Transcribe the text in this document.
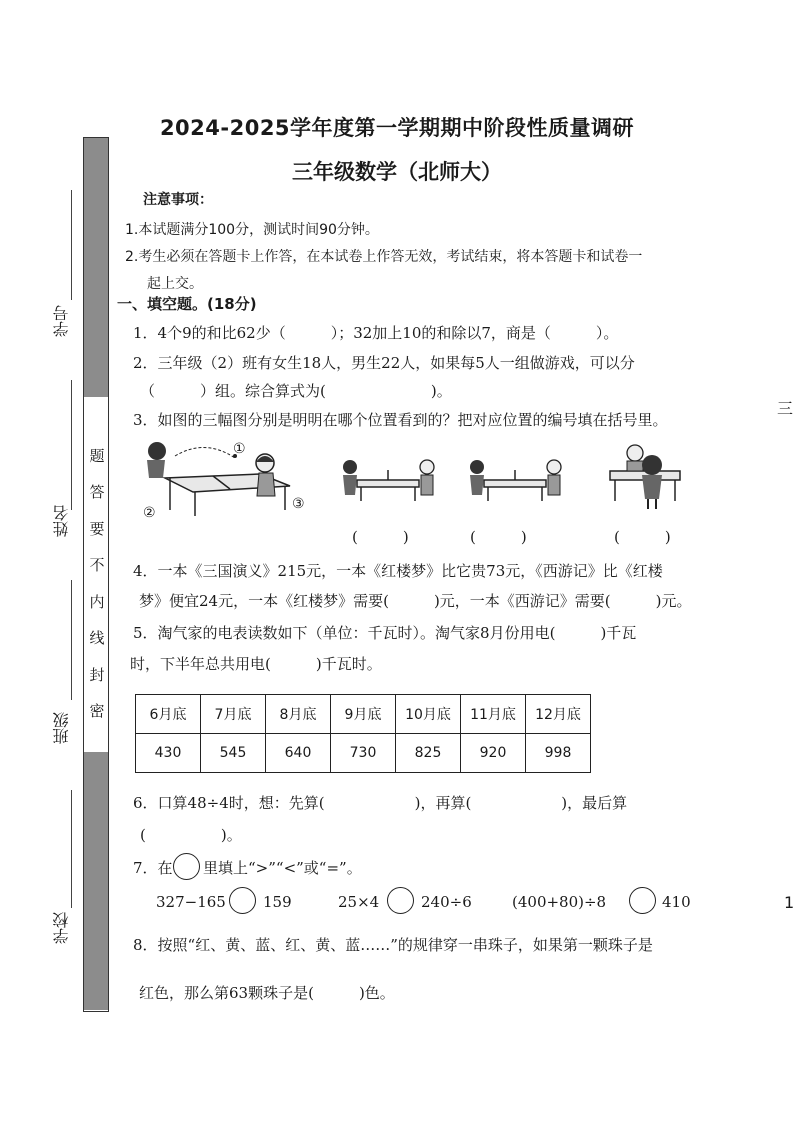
题
答
要
不
内
线
封
密
学号
姓名
班级
学校
2024-2025学年度第一学期期中阶段性质量调研
三年级数学（北师大）
注意事项：
1.本试题满分100分，测试时间90分钟。
2.考生必须在答题卡上作答，在本试卷上作答无效，考试结束，将本答题卡和试卷一
起上交。
一、填空题。(18分)
1．4个9的和比62少（　　　）；32加上10的和除以7，商是（　　　）。
2．三年级（2）班有女生18人，男生22人，如果每5人一组做游戏，可以分
（　　　）组。综合算式为(　　　　　　　)。
3．如图的三幅图分别是明明在哪个位置看到的？把对应位置的编号填在括号里。
①
②
③
(　　　)	(　　　)	(　　　)
4．一本《三国演义》215元，一本《红楼梦》比它贵73元，《西游记》比《红楼
梦》便宜24元，一本《红楼梦》需要(　　　)元，一本《西游记》需要(　　　)元。
5．淘气家的电表读数如下（单位：千瓦时）。淘气家8月份用电(　　　)千瓦
时，下半年总共用电(　　　)千瓦时。
6月底	7月底	8月底	9月底	10月底	11月底	12月底
430	545	640	730	825	920	998
6．口算48÷4时，想：先算(　　　　　　)，再算(　　　　　　)，最后算
(　　　　　)。
7．在 里填上“>”“<”或“=”。
327−165 159	25×4	240÷6	(400+80)÷8	410
8．按照“红、黄、蓝、红、黄、蓝……”的规律穿一串珠子，如果第一颗珠子是
红色，那么第63颗珠子是(　　　)色。
三
1
